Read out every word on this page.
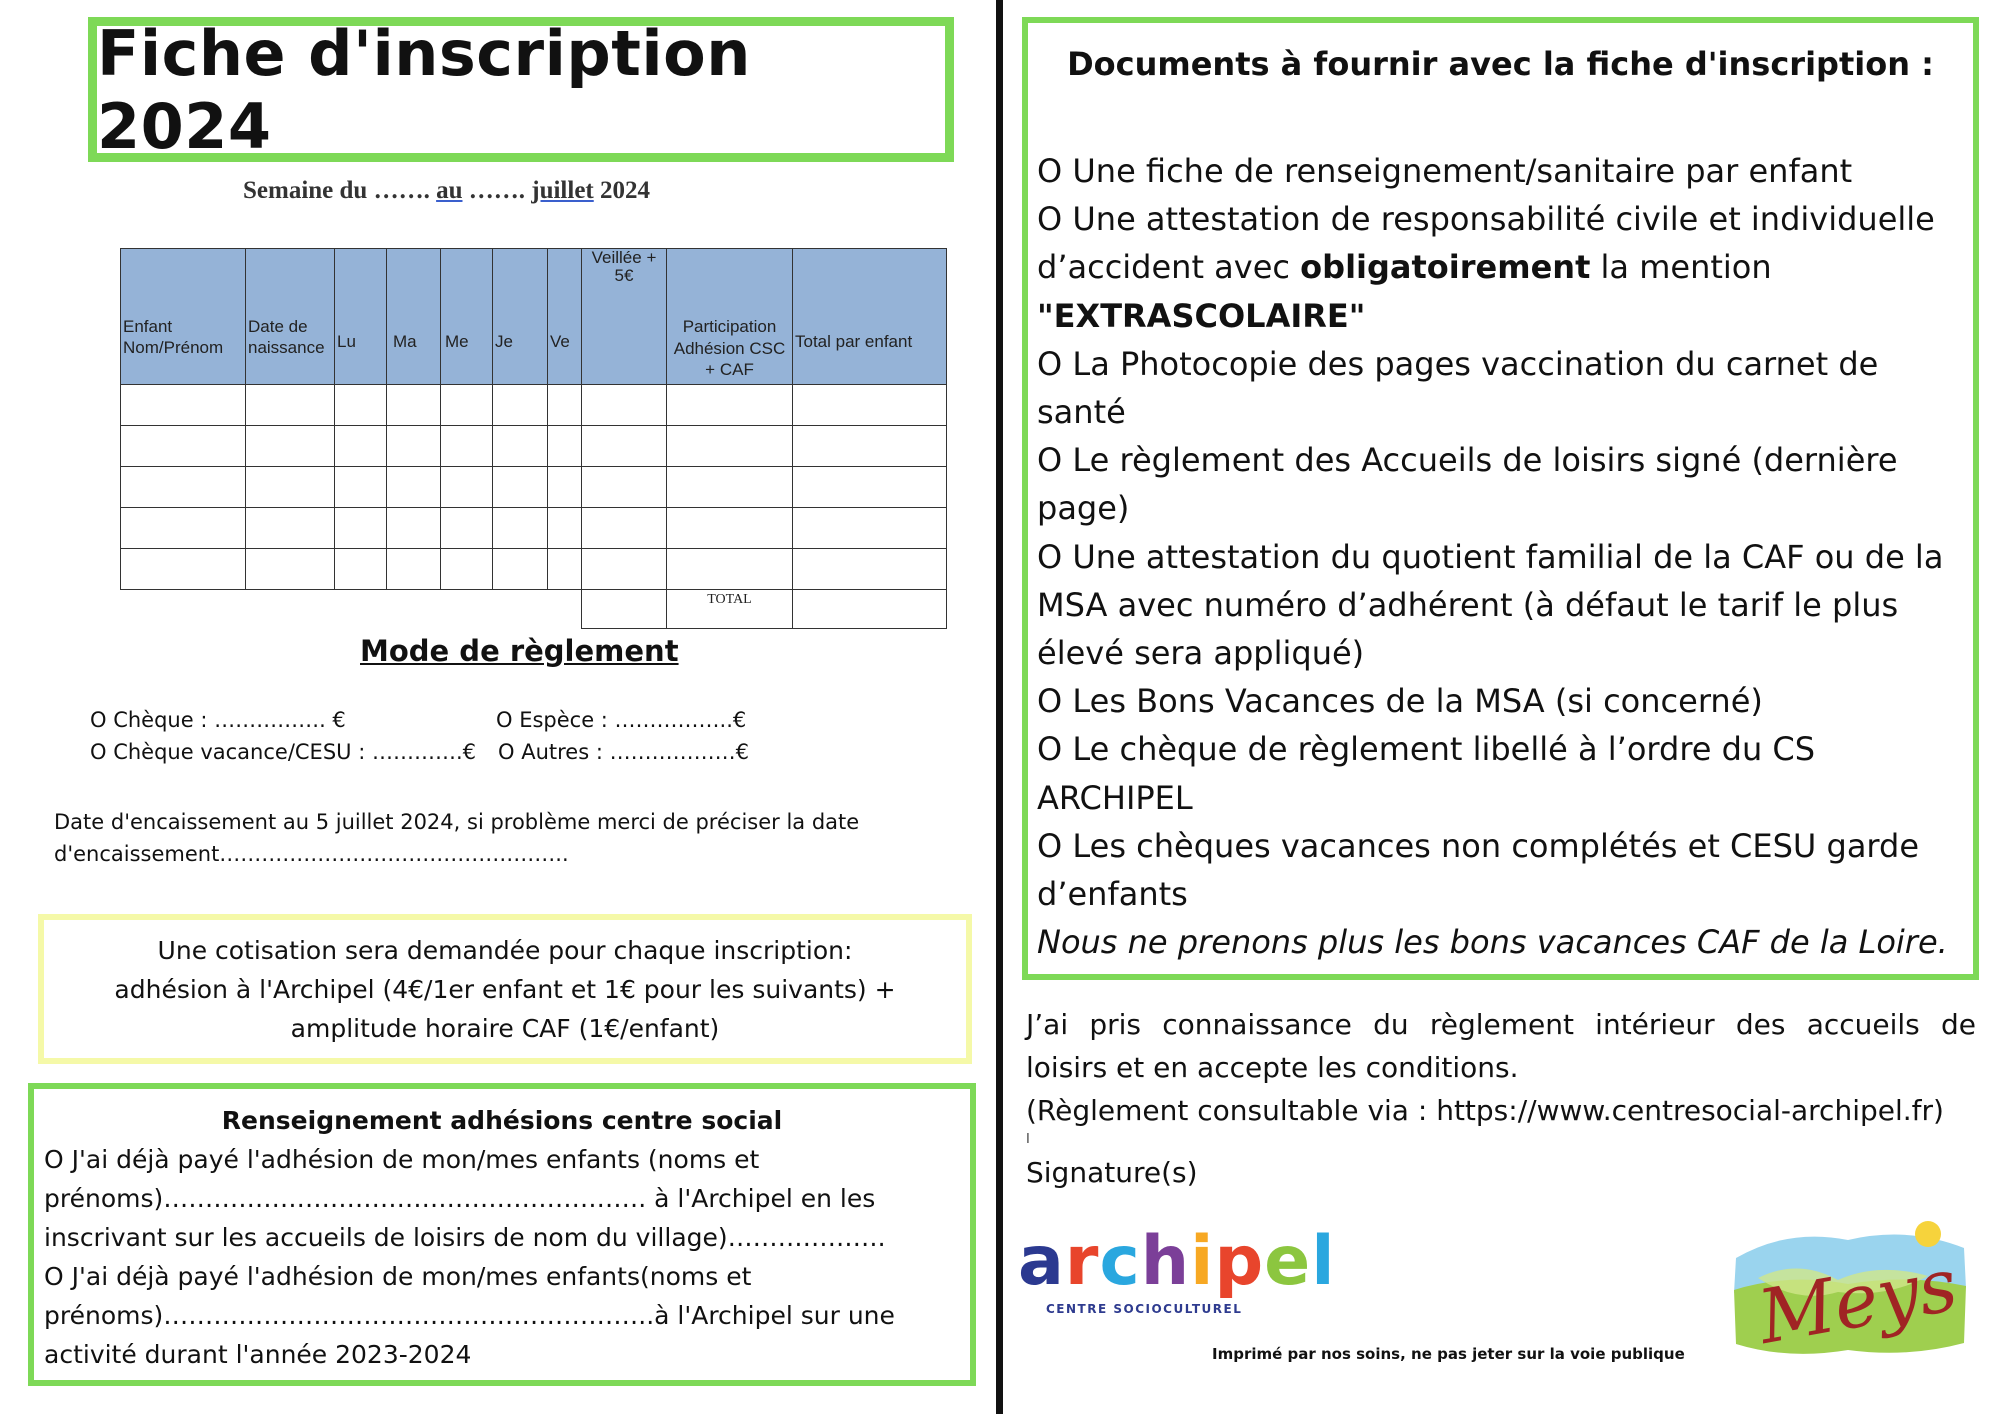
Fiche d'inscription 2024
Semaine du ……. au ……. juillet 2024
Enfant Nom/Prénom	Date de naissance	Lu	Ma	Me	Je	Ve	Veillée + 5€	Participation Adhésion CSC + CAF	Total par enfant

								TOTAL	
Mode de règlement
O Chèque : ……………. €	O Espèce : ……………..€
O Chèque vacance/CESU : ………….€ O Autres : ………………€
Date d'encaissement au 5 juillet 2024, si problème merci de préciser la date d'encaissement…………………………………………..
Une cotisation sera demandée pour chaque inscription:
adhésion à l'Archipel (4€/1er enfant et 1€ pour les suivants) +
amplitude horaire CAF (1€/enfant)
Renseignement adhésions centre social
O J'ai déjà payé l'adhésion de mon/mes enfants (noms et prénoms)…………………………………………………. à l'Archipel en les inscrivant sur les accueils de loisirs de nom du village)……………….
O J'ai déjà payé l'adhésion de mon/mes enfants(noms et prénoms)…………………………………………………..à l'Archipel sur une activité durant l'année 2023-2024
Documents à fournir avec la fiche d'inscription :
O Une fiche de renseignement/sanitaire par enfant
O Une attestation de responsabilité civile et individuelle d’accident avec obligatoirement la mention
"EXTRASCOLAIRE"
O La Photocopie des pages vaccination du carnet de santé
O Le règlement des Accueils de loisirs signé (dernière page)
O Une attestation du quotient familial de la CAF ou de la MSA avec numéro d’adhérent (à défaut le tarif le plus élevé sera appliqué)
O Les Bons Vacances de la MSA (si concerné)
O Le chèque de règlement libellé à l’ordre du CS ARCHIPEL
O Les chèques vacances non complétés et CESU garde d’enfants
Nous ne prenons plus les bons vacances CAF de la Loire.
J’ai pris connaissance du règlement intérieur des accueils de
loisirs et en accepte les conditions.
(Règlement consultable via : https://www.centresocial-archipel.fr)
I
Signature(s)
a r c h i p e l
CENTRE SOCIOCULTUREL	Meys
Imprimé par nos soins, ne pas jeter sur la voie publique
